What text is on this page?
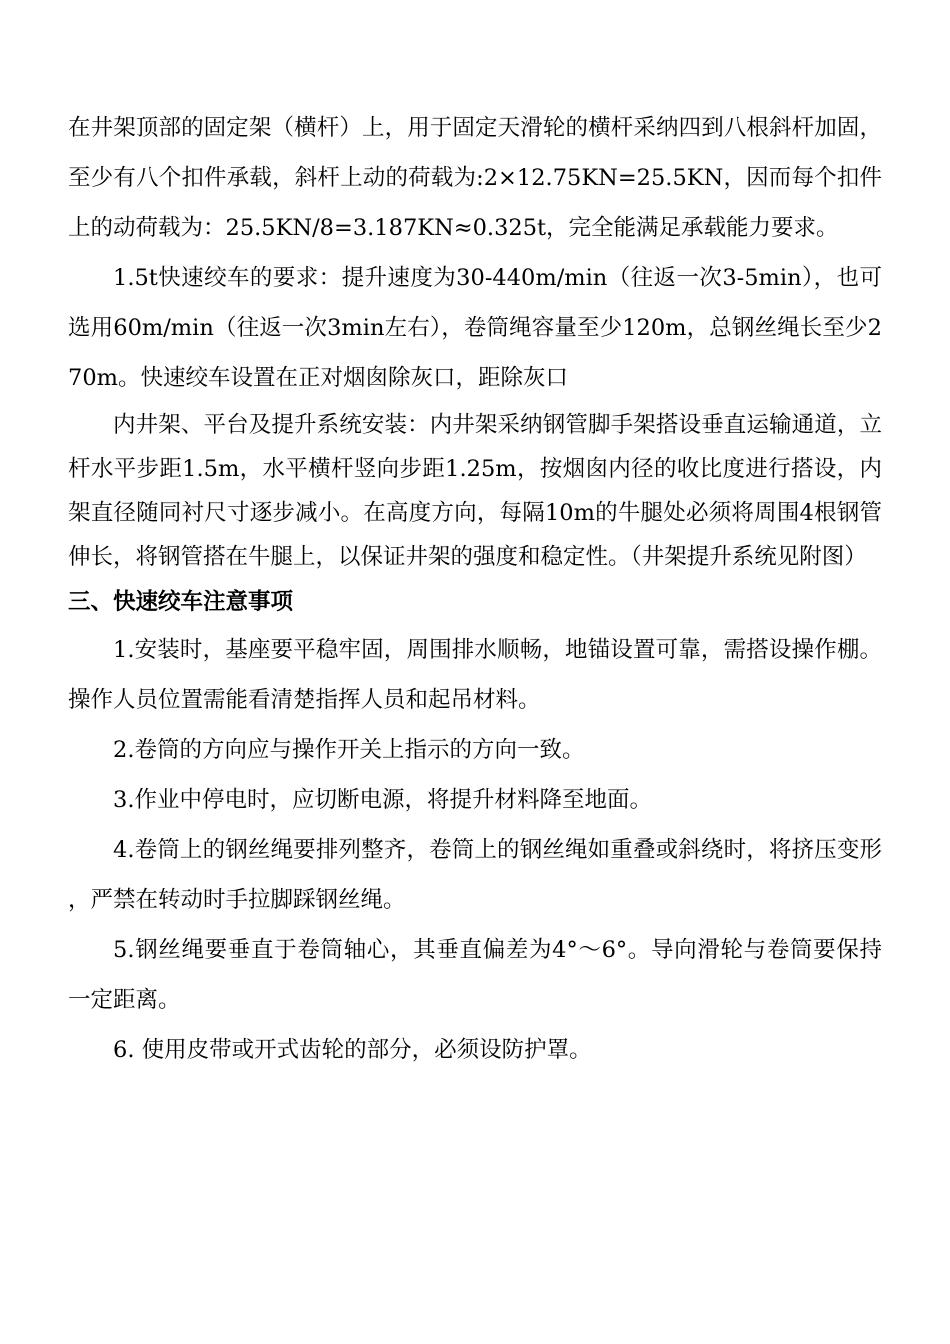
在井架顶部的固定架（横杆）上，用于固定天滑轮的横杆采纳四到八根斜杆加固，至少有八个扣件承载，斜杆上动的荷载为:2×12.75KN=25.5KN，因而每个扣件上的动荷载为：25.5KN/8=3.187KN≈0.325t，完全能满足承载能力要求。

1.5t快速绞车的要求：提升速度为30-440m/min（往返一次3-5min），也可选用60m/min（往返一次3min左右），卷筒绳容量至少120m，总钢丝绳长至少270m。快速绞车设置在正对烟囱除灰口，距除灰口

内井架、平台及提升系统安装：内井架采纳钢管脚手架搭设垂直运输通道，立杆水平步距1.5m，水平横杆竖向步距1.25m，按烟囱内径的收比度进行搭设，内架直径随同衬尺寸逐步减小。在高度方向，每隔10m的牛腿处必须将周围4根钢管伸长，将钢管搭在牛腿上，以保证井架的强度和稳定性。（井架提升系统见附图）

三、快速绞车注意事项

1.安装时，基座要平稳牢固，周围排水顺畅，地锚设置可靠，需搭设操作棚。操作人员位置需能看清楚指挥人员和起吊材料。

2.卷筒的方向应与操作开关上指示的方向一致。

3.作业中停电时，应切断电源，将提升材料降至地面。

4.卷筒上的钢丝绳要排列整齐，卷筒上的钢丝绳如重叠或斜绕时，将挤压变形，严禁在转动时手拉脚踩钢丝绳。

5.钢丝绳要垂直于卷筒轴心，其垂直偏差为4°～6°。导向滑轮与卷筒要保持一定距离。

6. 使用皮带或开式齿轮的部分，必须设防护罩。
